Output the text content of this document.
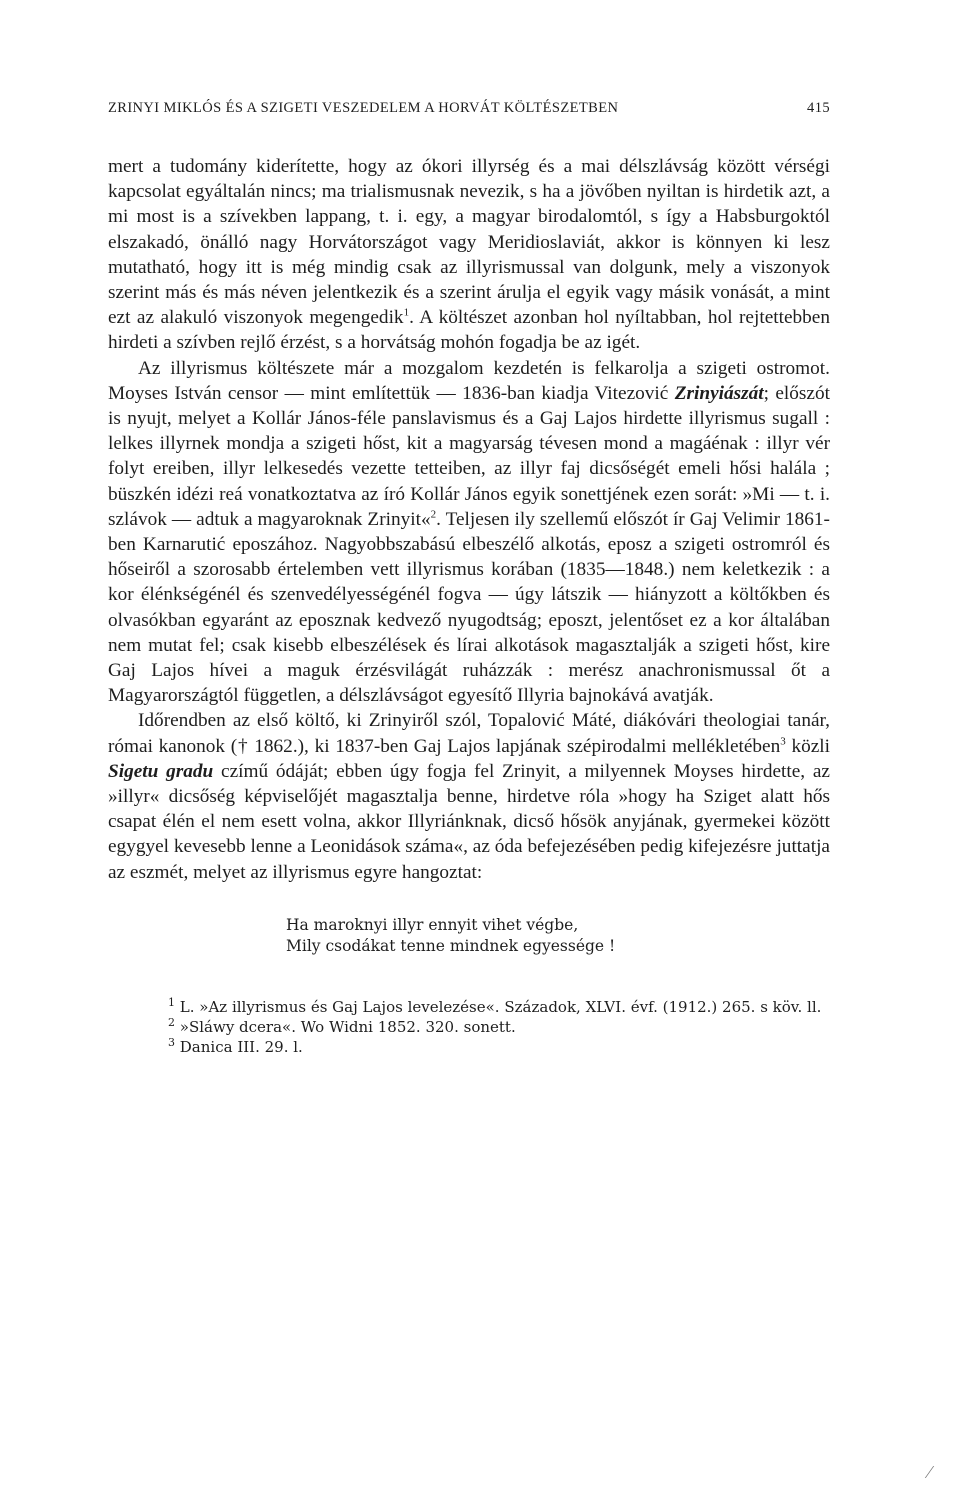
ZRINYI MIKLÓS ÉS A SZIGETI VESZEDELEM A HORVÁT KÖLTÉSZETBEN	415

mert a tudomány kiderítette, hogy az ókori illyrség és a mai délszlávság között vérségi kapcsolat egyáltalán nincs; ma trialismusnak nevezik, s ha a jövőben nyiltan is hirdetik azt, a mi most is a szívekben lappang, t. i. egy, a magyar birodalomtól, s így a Habsburgoktól elszakadó, önálló nagy Horvátországot vagy Meridioslaviát, akkor is könnyen ki lesz mutatható, hogy itt is még mindig csak az illyrismussal van dolgunk, mely a viszonyok szerint más és más néven jelentkezik és a szerint árulja el egyik vagy másik vonását, a mint ezt az alakuló viszonyok megengedik$^1$. A költészet azonban hol nyíltabban, hol rejtettebben hirdeti a szívben rejlő érzést, s a horvátság mohón fogadja be az igét.

Az illyrismus költészete már a mozgalom kezdetén is felkarolja a szigeti ostromot. Moyses István censor — mint említettük — 1836-ban kiadja Vitezović Zrinyiászát; előszót is nyujt, melyet a Kollár János-féle panslavismus és a Gaj Lajos hirdette illyrismus sugall : lelkes illyrnek mondja a szigeti hőst, kit a magyarság tévesen mond a magáénak : illyr vér folyt ereiben, illyr lelkesedés vezette tetteiben, az illyr faj dicsőségét emeli hősi halála ; büszkén idézi reá vonatkoztatva az író Kollár János egyik sonettjének ezen sorát: »Mi — t. i. szlávok — adtuk a magyaroknak Zrinyit«$^2$. Teljesen ily szellemű előszót ír Gaj Velimir 1861-ben Karnarutić eposzához. Nagyobbszabású elbeszélő alkotás, eposz a szigeti ostromról és hőseiről a szorosabb értelemben vett illyrismus korában (1835—1848.) nem keletkezik : a kor élénkségénél és szenvedélyességénél fogva — úgy látszik — hiányzott a költőkben és olvasókban egyaránt az eposznak kedvező nyugodtság; eposzt, jelentőset ez a kor általában nem mutat fel; csak kisebb elbeszélések és lírai alkotások magasztalják a szigeti hőst, kire Gaj Lajos hívei a maguk érzésvilágát ruházzák : merész anachronismussal őt a Magyarországtól független, a délszlávságot egyesítő Illyria bajnokává avatják.

Időrendben az első költő, ki Zrinyiről szól, Topalović Máté, diákóvári theologiai tanár, római kanonok († 1862.), ki 1837-ben Gaj Lajos lapjának szépirodalmi mellékletében$^3$ közli Sigetu gradu czímű ódáját; ebben úgy fogja fel Zrinyit, a milyennek Moyses hirdette, az »illyr« dicsőség képviselőjét magasztalja benne, hirdetve róla »hogy ha Sziget alatt hős csapat élén el nem esett volna, akkor Illyriánknak, dicső hősök anyjának, gyermekei között egygyel kevesebb lenne a Leonidások száma«, az óda befejezésében pedig kifejezésre juttatja az eszmét, melyet az illyrismus egyre hangoztat:

Ha maroknyi illyr ennyit vihet végbe,
Mily csodákat tenne mindnek egyessége !

$^1$ L. »Az illyrismus és Gaj Lajos levelezése«. Századok, XLVI. évf. (1912.) 265. s köv. ll.

$^2$ »Sláwy dcera«. Wo Widni 1852. 320. sonett.

$^3$ Danica III. 29. l.

⁄
